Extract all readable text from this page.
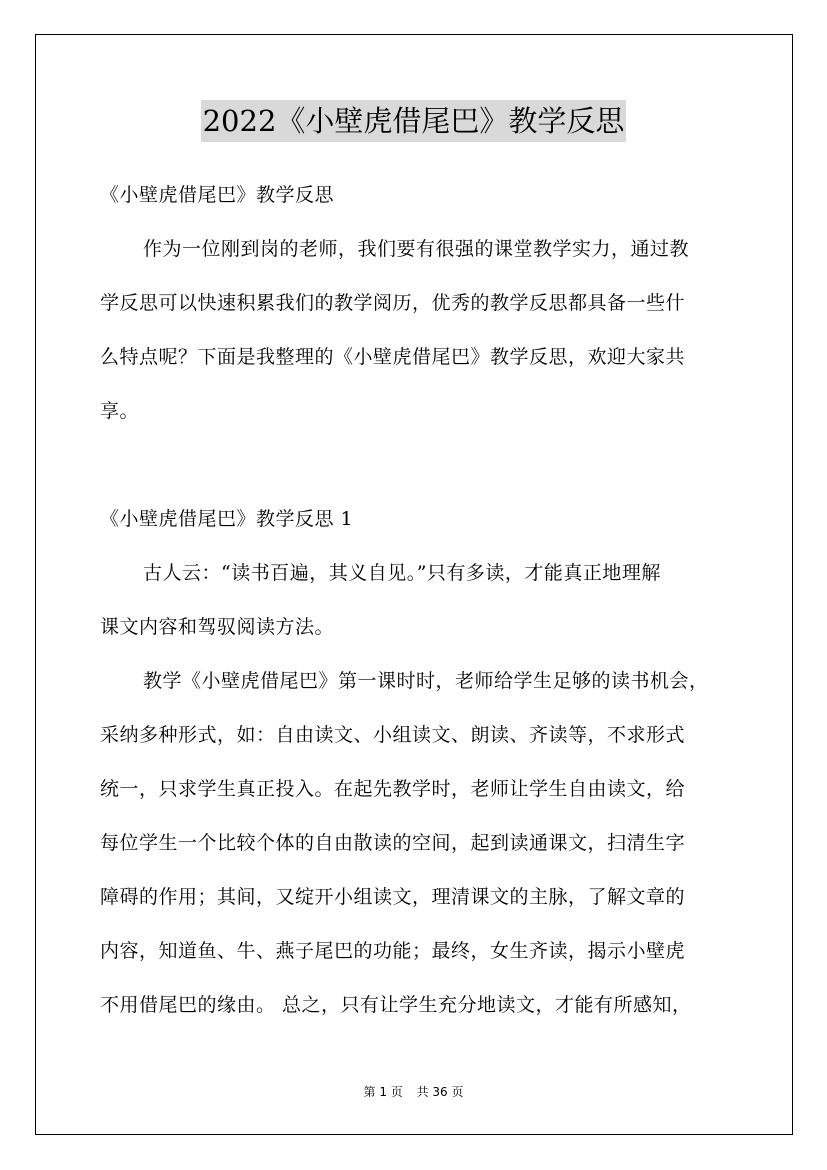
2022《小壁虎借尾巴》教学反思
《小壁虎借尾巴》教学反思
作为一位刚到岗的老师，我们要有很强的课堂教学实力，通过教
学反思可以快速积累我们的教学阅历，优秀的教学反思都具备一些什
么特点呢？下面是我整理的《小壁虎借尾巴》教学反思，欢迎大家共
享。
《小壁虎借尾巴》教学反思 1
古人云：“读书百遍，其义自见。”只有多读，才能真正地理解
课文内容和驾驭阅读方法。
教学《小壁虎借尾巴》第一课时时，老师给学生足够的读书机会，
采纳多种形式，如：自由读文、小组读文、朗读、齐读等，不求形式
统一，只求学生真正投入。在起先教学时，老师让学生自由读文，给
每位学生一个比较个体的自由散读的空间，起到读通课文，扫清生字
障碍的作用；其间，又绽开小组读文，理清课文的主脉，了解文章的
内容，知道鱼、牛、燕子尾巴的功能；最终，女生齐读，揭示小壁虎
不用借尾巴的缘由。 总之，只有让学生充分地读文，才能有所感知，
第 1 页 共 36 页
